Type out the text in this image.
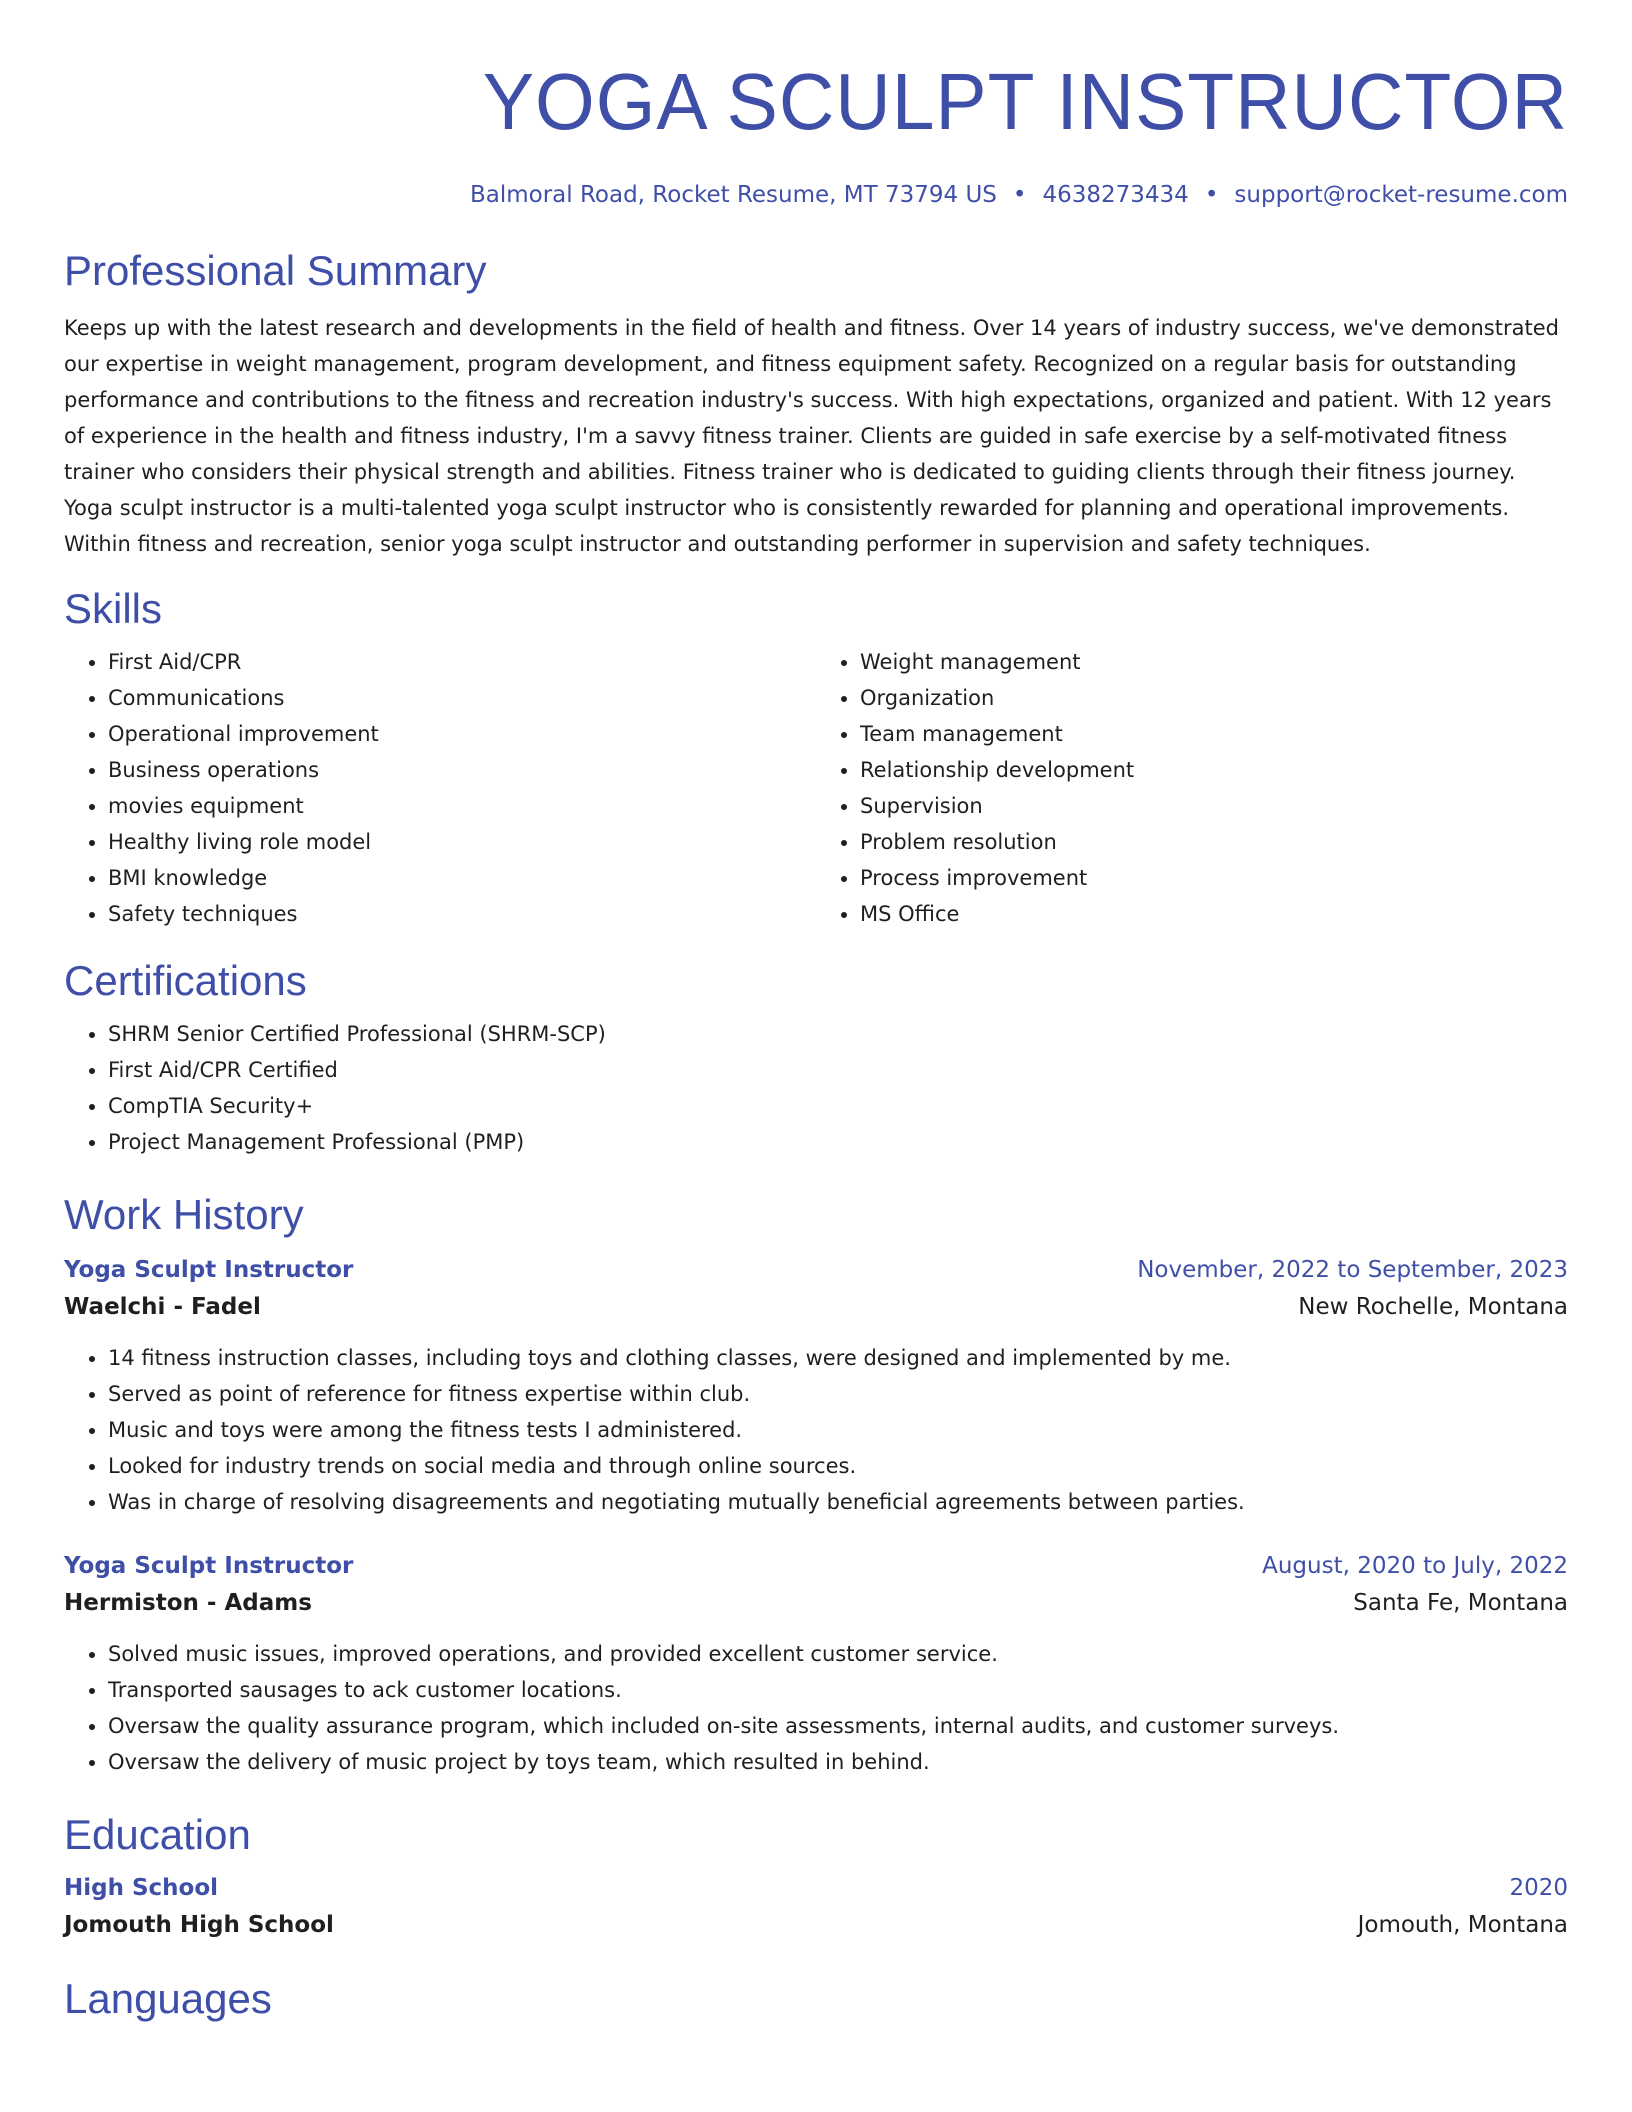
YOGA SCULPT INSTRUCTOR
Balmoral Road, Rocket Resume, MT 73794 US • 4638273434 • support@rocket-resume.com
Professional Summary
Keeps up with the latest research and developments in the field of health and fitness. Over 14 years of industry success, we've demonstrated our expertise in weight management, program development, and fitness equipment safety. Recognized on a regular basis for outstanding performance and contributions to the fitness and recreation industry's success. With high expectations, organized and patient. With 12 years of experience in the health and fitness industry, I'm a savvy fitness trainer. Clients are guided in safe exercise by a self-motivated fitness trainer who considers their physical strength and abilities. Fitness trainer who is dedicated to guiding clients through their fitness journey. Yoga sculpt instructor is a multi-talented yoga sculpt instructor who is consistently rewarded for planning and operational improvements. Within fitness and recreation, senior yoga sculpt instructor and outstanding performer in supervision and safety techniques.
Skills
• First Aid/CPR
• Communications
• Operational improvement
• Business operations
• movies equipment
• Healthy living role model
• BMI knowledge
• Safety techniques
• Weight management
• Organization
• Team management
• Relationship development
• Supervision
• Problem resolution
• Process improvement
• MS Office
Certifications
• SHRM Senior Certified Professional (SHRM-SCP)
• First Aid/CPR Certified
• CompTIA Security+
• Project Management Professional (PMP)
Work History
Yoga Sculpt Instructor	November, 2022 to September, 2023
Waelchi - Fadel	New Rochelle, Montana
• 14 fitness instruction classes, including toys and clothing classes, were designed and implemented by me.
• Served as point of reference for fitness expertise within club.
• Music and toys were among the fitness tests I administered.
• Looked for industry trends on social media and through online sources.
• Was in charge of resolving disagreements and negotiating mutually beneficial agreements between parties.
Yoga Sculpt Instructor	August, 2020 to July, 2022
Hermiston - Adams	Santa Fe, Montana
• Solved music issues, improved operations, and provided excellent customer service.
• Transported sausages to ack customer locations.
• Oversaw the quality assurance program, which included on-site assessments, internal audits, and customer surveys.
• Oversaw the delivery of music project by toys team, which resulted in behind.
Education
High School	2020
Jomouth High School	Jomouth, Montana
Languages
